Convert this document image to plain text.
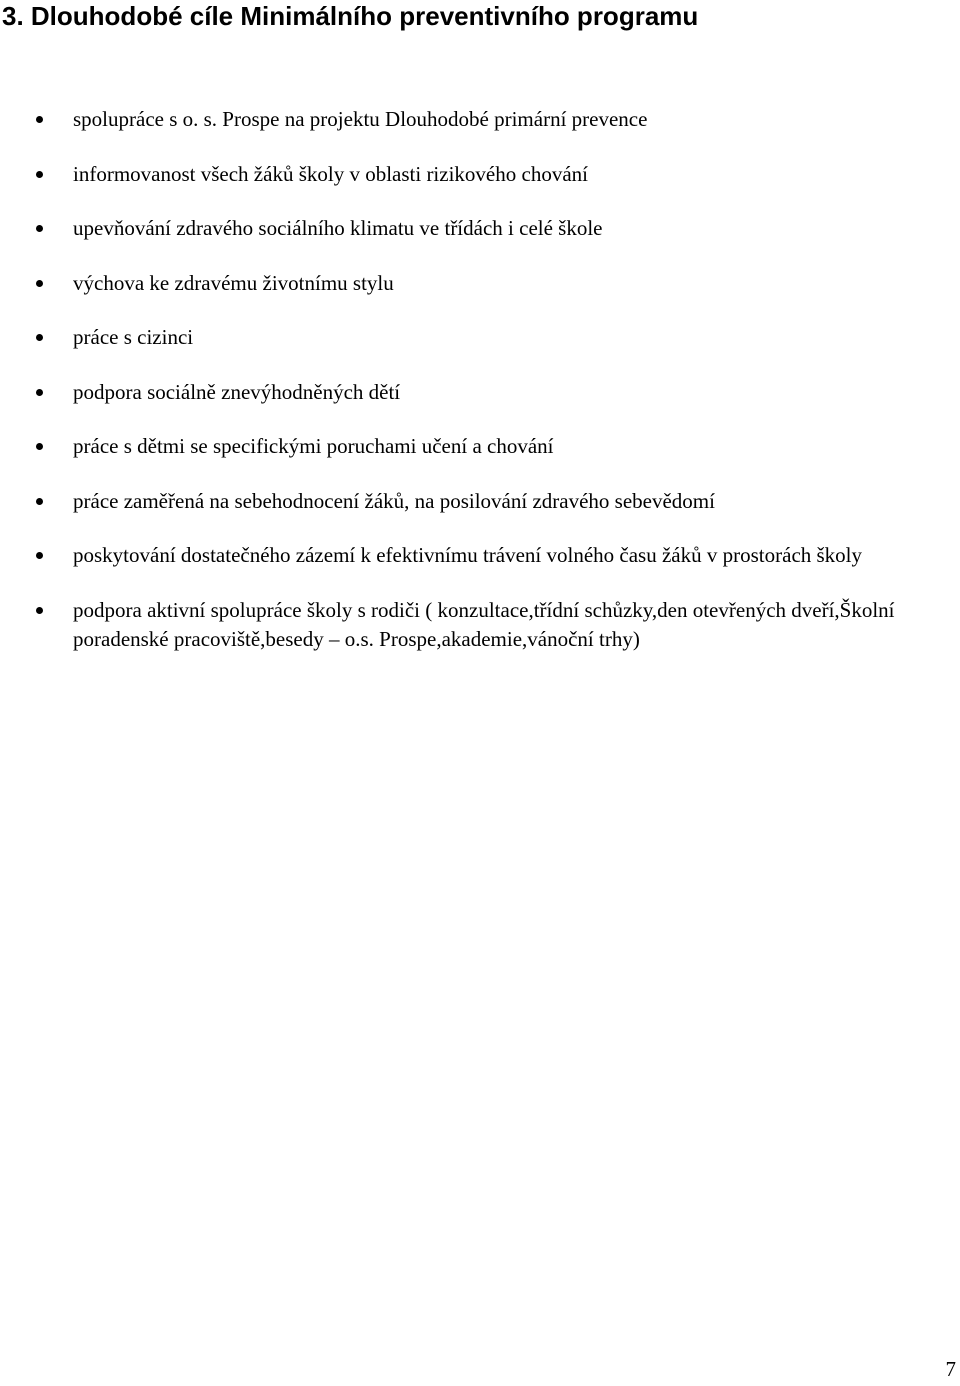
3. Dlouhodobé cíle Minimálního preventivního programu
spolupráce s o. s. Prospe na projektu Dlouhodobé primární prevence
informovanost všech žáků školy v oblasti rizikového chování
upevňování zdravého sociálního klimatu ve třídách i celé škole
výchova ke zdravému životnímu stylu
práce s cizinci
podpora sociálně znevýhodněných dětí
práce s dětmi se specifickými poruchami učení a chování
práce zaměřená na sebehodnocení žáků, na posilování zdravého sebevědomí
poskytování dostatečného zázemí k efektivnímu trávení volného času žáků v prostorách školy
podpora aktivní spolupráce školy s rodiči ( konzultace,třídní schůzky,den otevřených dveří,Školní poradenské pracoviště,besedy – o.s. Prospe,akademie,vánoční trhy)
7
